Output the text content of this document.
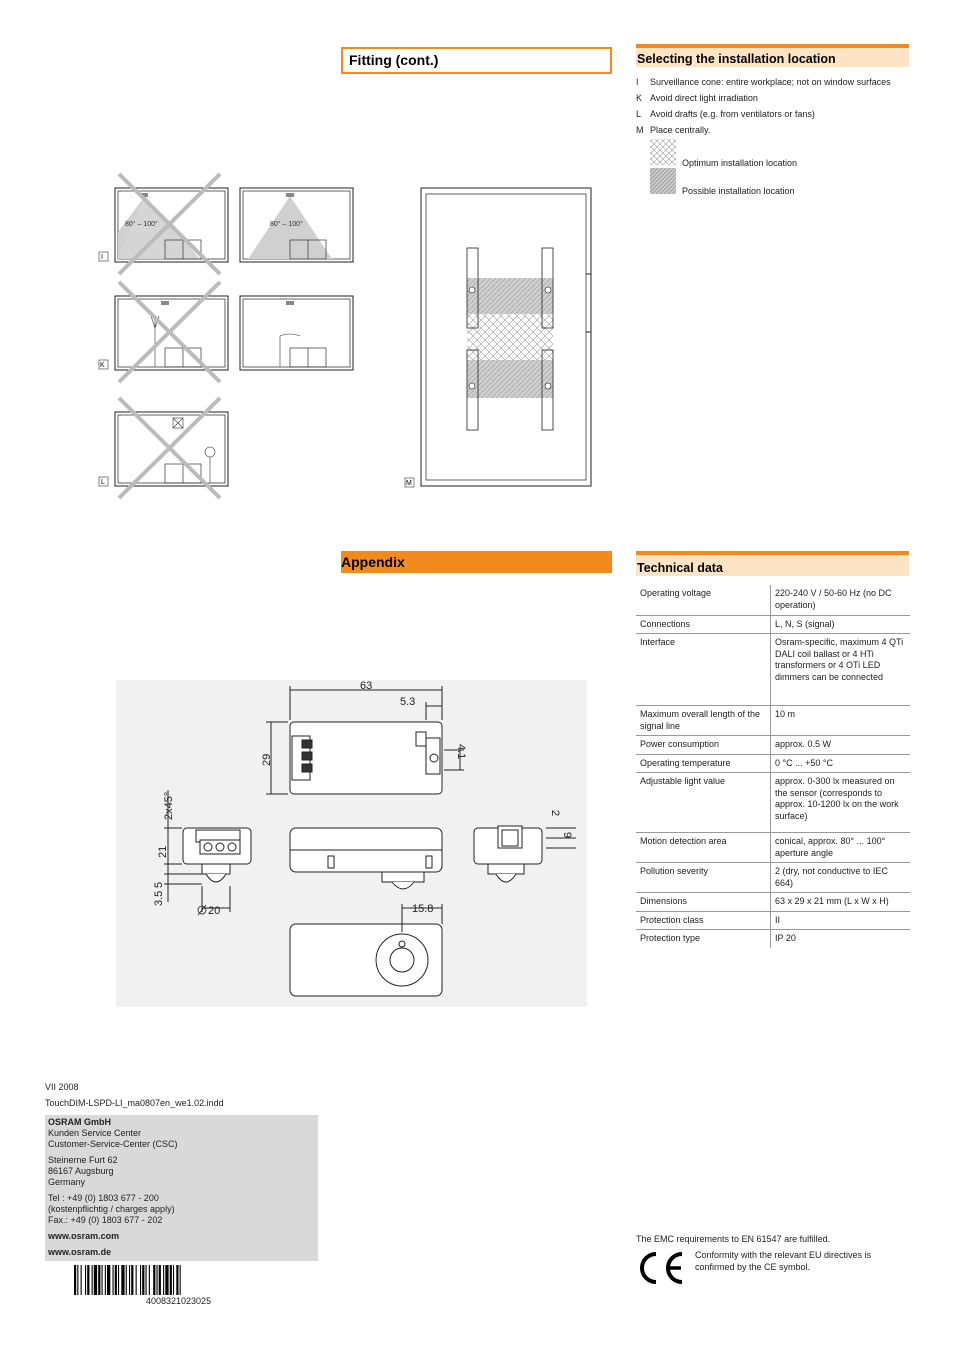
Fitting (cont.)	Selecting the installation location
I	Surveillance cone: entire workplace; not on window surfaces
K Avoid direct light irradiation
L Avoid drafts (e.g. from ventilators or fans)
M Place centrally.
Optimum installation location
Possible installation location
80° – 100°
I
80° – 100°
K
L	M
Appendix	Technical data
Operating voltage	220-240 V / 50-60 Hz (no DC operation)
Connections	L, N, S (signal)
Interface	Osram-specific, maximum 4 QTi DALI coil ballast or 4 HTi transformers or 4 OTi LED dimmers can be connected
Maximum overall length of the signal line	10 m
Power consumption	approx. 0.5 W
Operating temperature	0 °C ... +50 °C
Adjustable light value	approx. 0-300 lx measured on the sensor (corresponds to approx. 10-1200 lx on the work surface)
Motion detection area	conical, approx. 80° ... 100° aperture angle
Pollution severity	2 (dry, not conductive to IEC 664)
Dimensions	63 x 29 x 21 mm (L x W x H)
Protection class	II
Protection type	IP 20
63
5.3
4.1
29
2x45°
21
3.5
5
20
2
9
15.8
VII 2008
TouchDIM-LSPD-LI_ma0807en_we1.02.indd
OSRAM GmbH
Kunden Service Center
Customer-Service-Center (CSC)
Steinerne Furt 62
86167 Augsburg
Germany
Tel : +49 (0) 1803 677 - 200
(kostenpflichtig / charges apply)
Fax.: +49 (0) 1803 677 - 202
www.osram.com
www.osram.de
4008321023025
The EMC requirements to EN 61547 are fulfilled.
Conformity with the relevant EU directives is
confirmed by the CE symbol.
